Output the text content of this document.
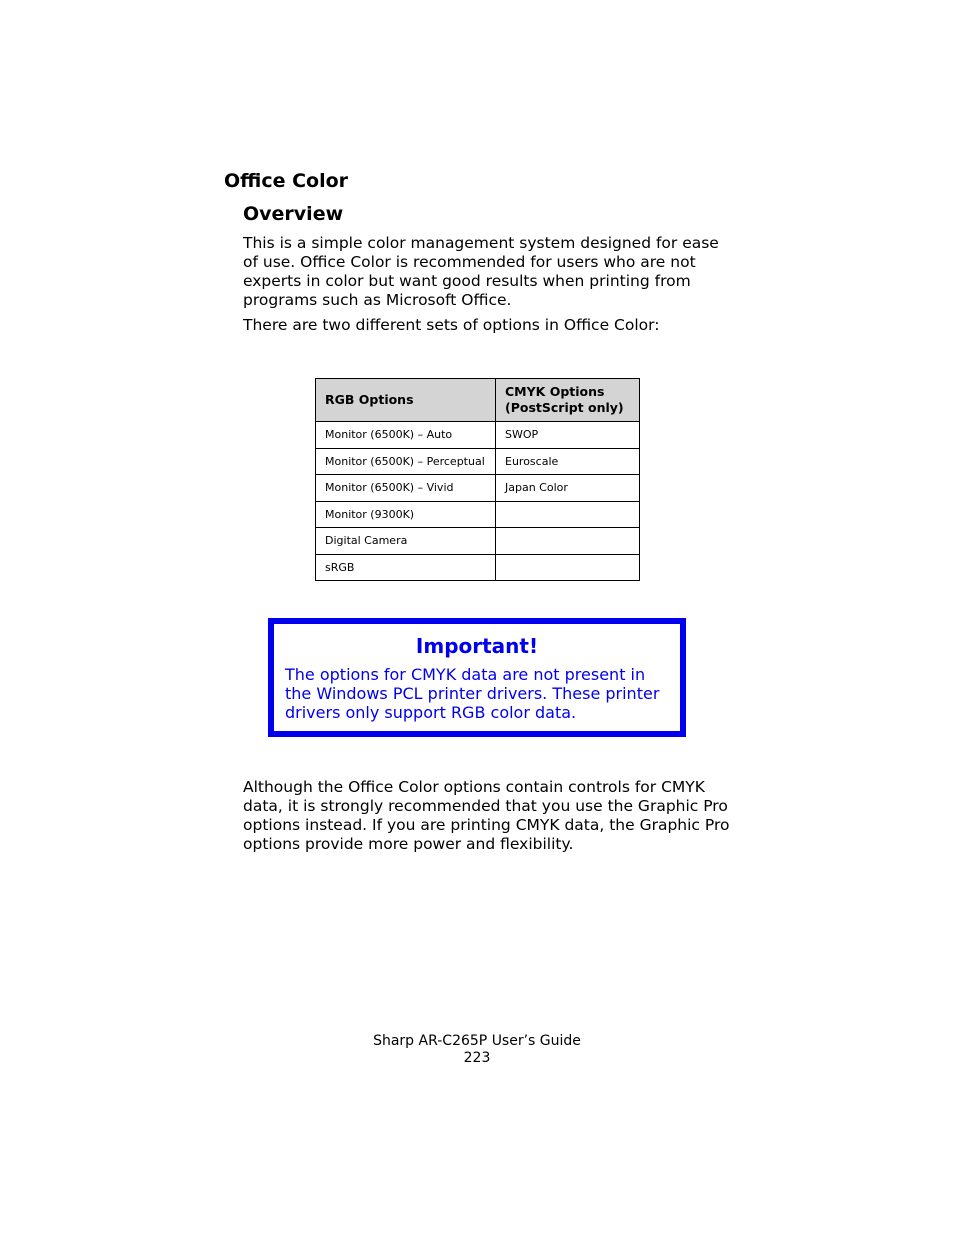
Office Color
Overview

This is a simple color management system designed for ease of use. Office Color is recommended for users who are not experts in color but want good results when printing from programs such as Microsoft Office.

There are two different sets of options in Office Color:

RGB Options	CMYK Options (PostScript only)
Monitor (6500K) – Auto	SWOP
Monitor (6500K) – Perceptual	Euroscale
Monitor (6500K) – Vivid	Japan Color
Monitor (9300K)	
Digital Camera	
sRGB	

Important!

The options for CMYK data are not present in the Windows PCL printer drivers. These printer drivers only support RGB color data.

Although the Office Color options contain controls for CMYK data, it is strongly recommended that you use the Graphic Pro options instead. If you are printing CMYK data, the Graphic Pro options provide more power and flexibility.

Sharp AR-C265P User’s Guide
223
